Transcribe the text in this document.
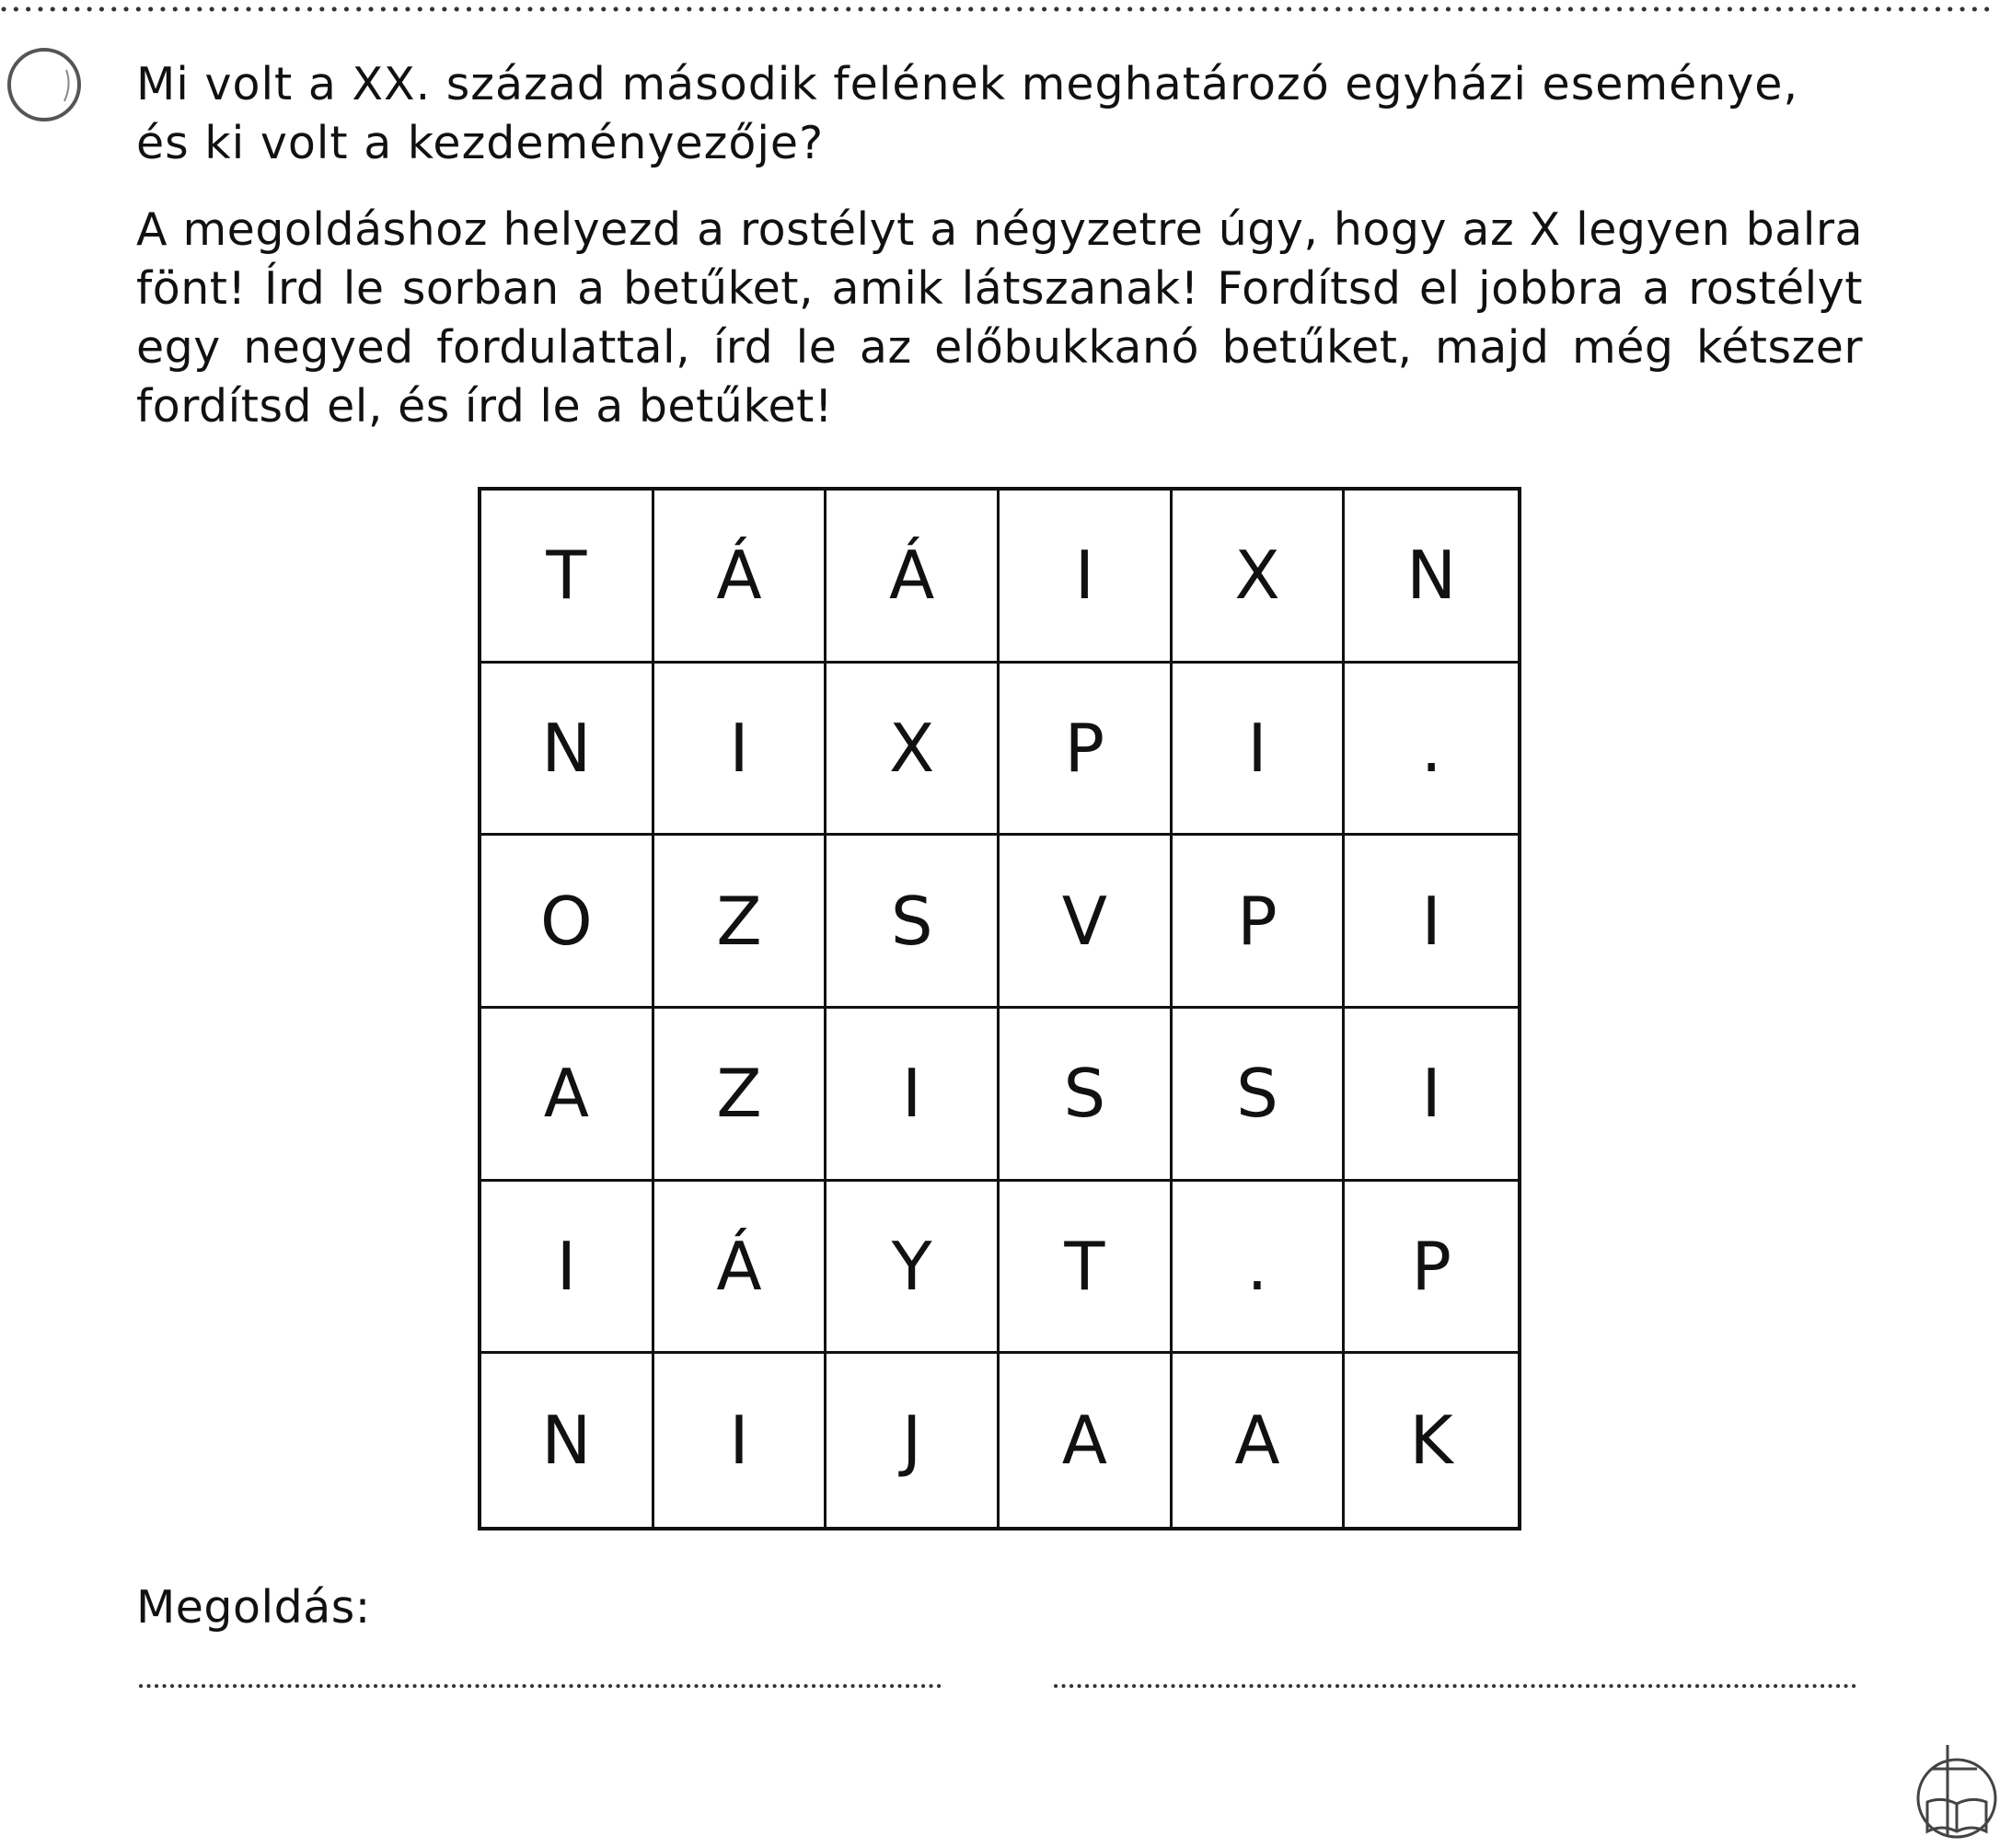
Mi volt a XX. század második felének meghatározó egyházi eseménye, és ki volt a kezdeményezője?

A megoldáshoz helyezd a rostélyt a négyzetre úgy, hogy az X legyen balra fönt! Írd le sorban a betűket, amik látszanak! Fordítsd el jobbra a rostélyt egy negyed fordulattal, írd le az előbukkanó betűket, majd még kétszer fordítsd el, és írd le a betűket!

T	Á	Á	I	X	N
N	I	X	P	I	.
O	Z	S	V	P	I
A	Z	I	S	S	I
I	Á	Y	T	.	P
N	I	J	A	A	K
Megoldás:
